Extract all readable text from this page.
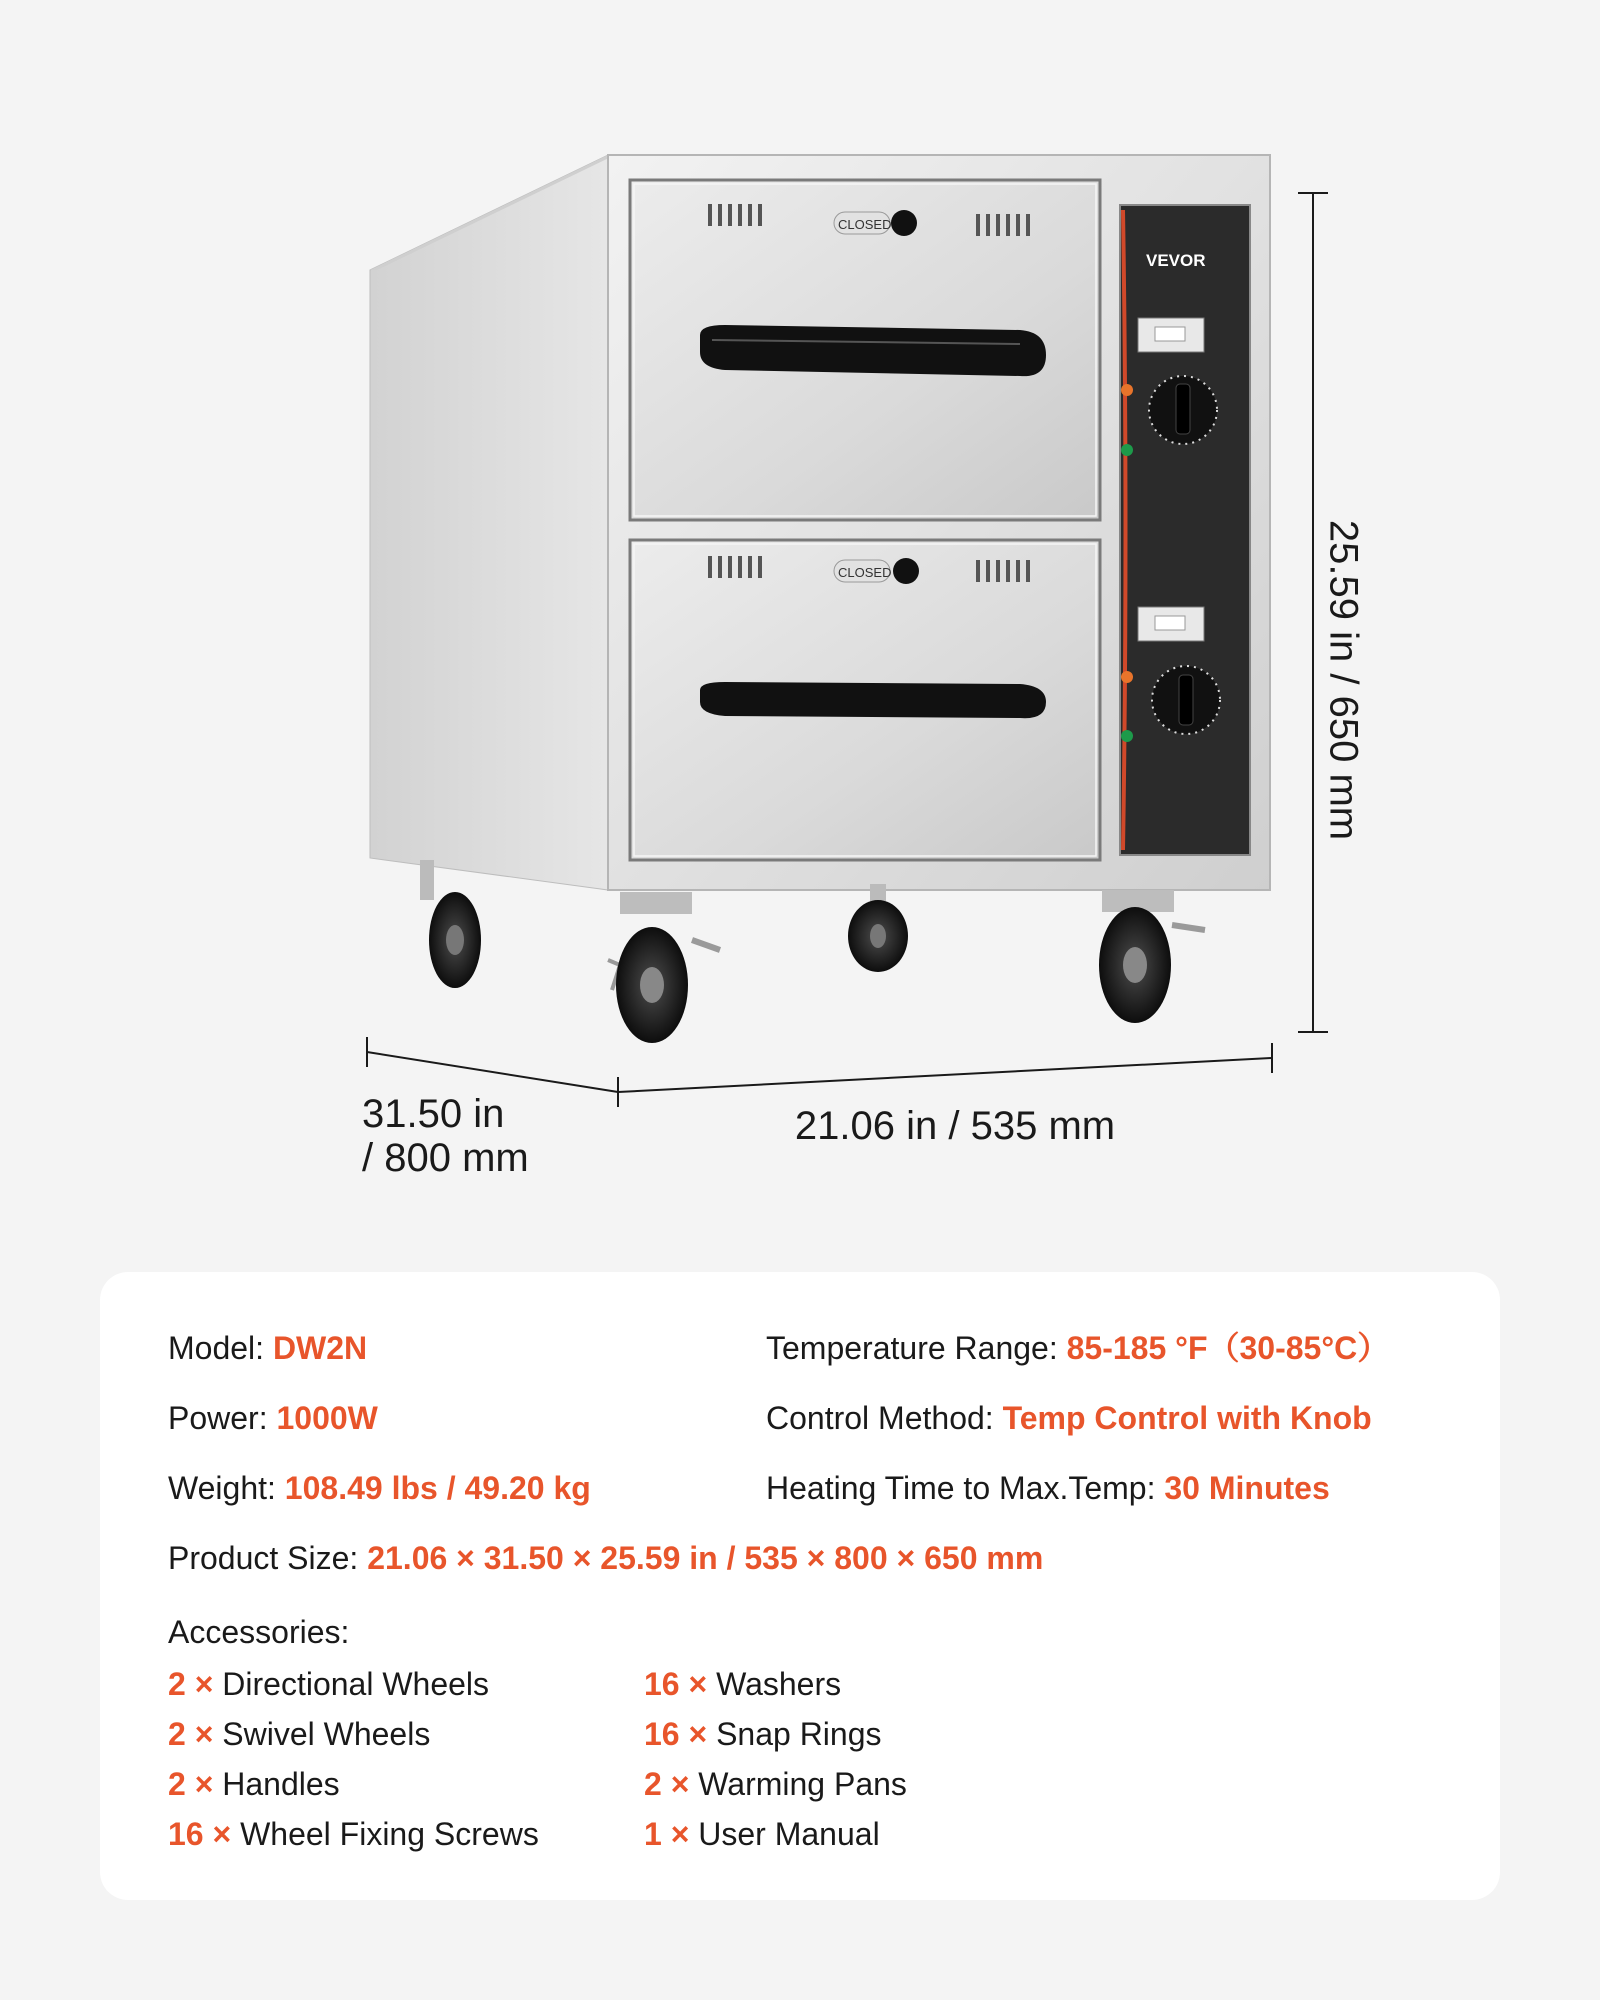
CLOSED
CLOSED
VEVOR
31.50 in
/ 800 mm
21.06 in / 535 mm
25.59 in / 650 mm
Model: DW2N
Power: 1000W
Weight: 108.49 lbs / 49.20 kg
Temperature Range: 85-185 °F（30-85°C）
Control Method: Temp Control with Knob
Heating Time to Max.Temp: 30 Minutes
Product Size: 21.06 × 31.50 × 25.59 in / 535 × 800 × 650 mm
Accessories:
2 × Directional Wheels
2 × Swivel Wheels
2 × Handles
16 × Wheel Fixing Screws
16 × Washers
16 × Snap Rings
2 × Warming Pans
1 × User Manual
